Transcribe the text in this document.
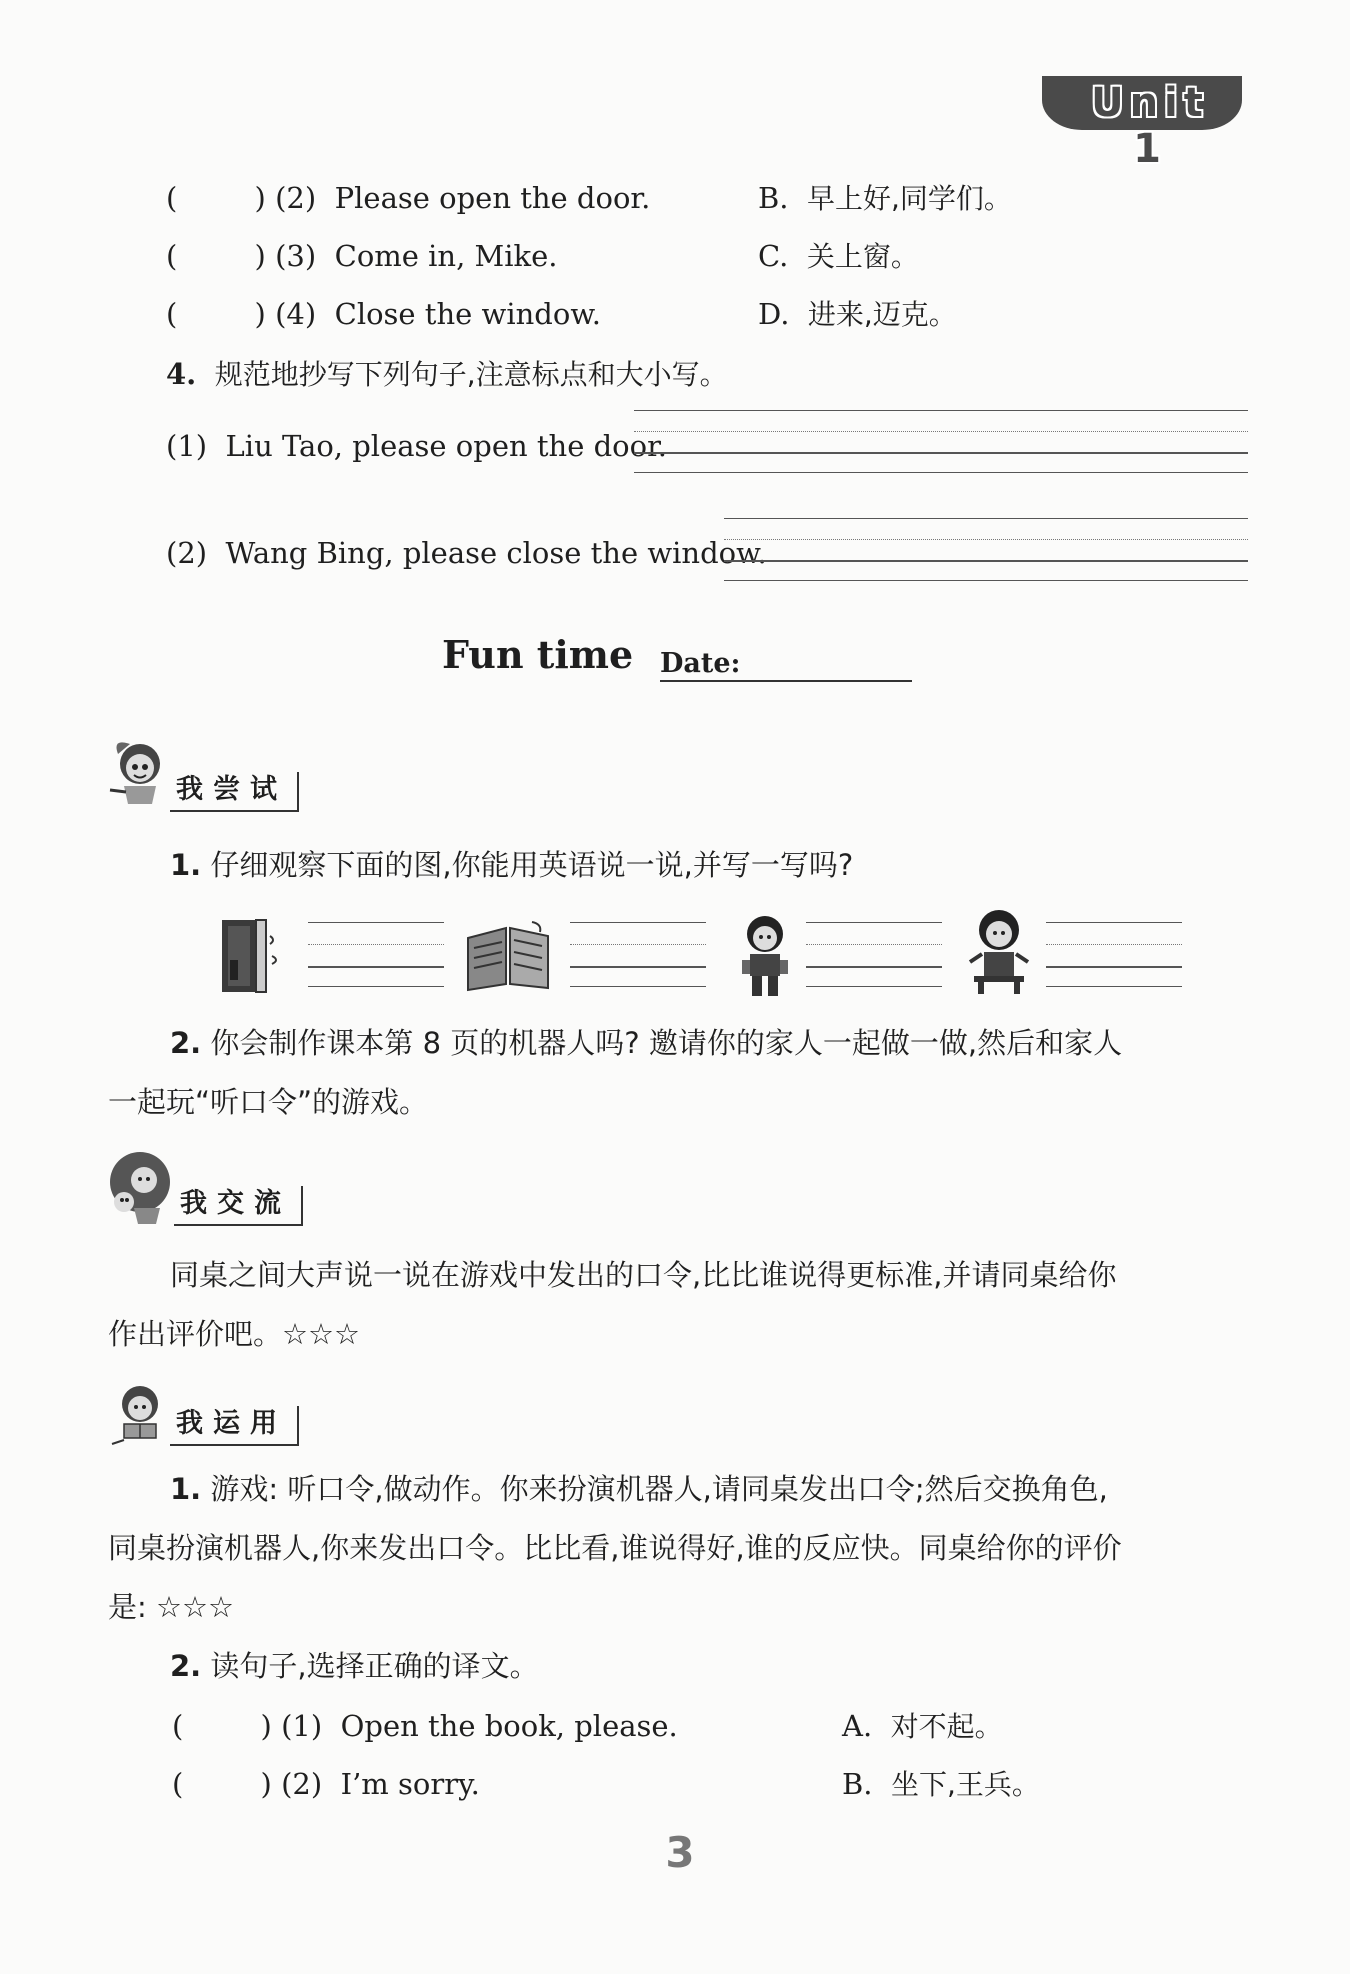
Unit 1
(	) (2) Please open the door.	B. 早上好,同学们。
(	) (3) Come in, Mike.	C. 关上窗。
(	) (4) Close the window.	D. 进来,迈克。
4. 规范地抄写下列句子,注意标点和大小写。
(1) Liu Tao, please open the door.
(2) Wang Bing, please close the window.
Fun time Date:
我尝试
1. 仔细观察下面的图,你能用英语说一说,并写一写吗?
2. 你会制作课本第 8 页的机器人吗? 邀请你的家人一起做一做,然后和家人
一起玩“听口令”的游戏。
我交流
同桌之间大声说一说在游戏中发出的口令,比比谁说得更标准,并请同桌给你
作出评价吧。☆☆☆
我运用
1. 游戏: 听口令,做动作。你来扮演机器人,请同桌发出口令;然后交换角色,
同桌扮演机器人,你来发出口令。比比看,谁说得好,谁的反应快。同桌给你的评价
是: ☆☆☆
2. 读句子,选择正确的译文。
(	) (1) Open the book, please.	A. 对不起。
(	) (2) I’m sorry.	B. 坐下,王兵。
3
